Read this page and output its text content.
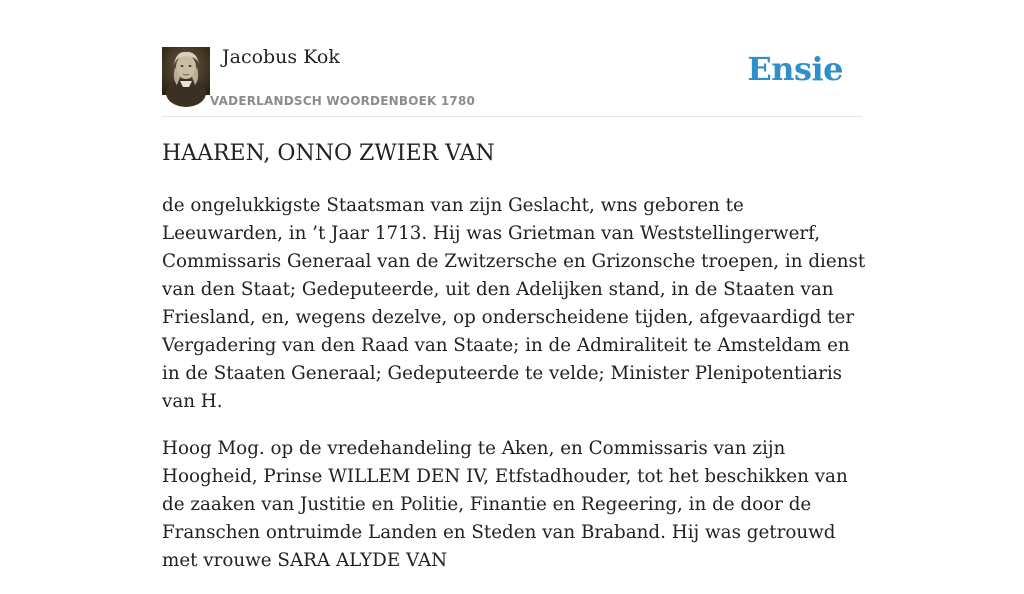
Jacobus Kok
VADERLANDSCH WOORDENBOEK 1780
Ensie
HAAREN, ONNO ZWIER VAN

de ongelukkigste Staatsman van zijn Geslacht, wns geboren te Leeuwarden, in ’t Jaar 1713. Hij was Grietman van Weststellingerwerf, Commissaris Generaal van de Zwitzersche en Grizonsche troepen, in dienst van den Staat; Gedeputeerde, uit den Adelijken stand, in de Staaten van Friesland, en, wegens dezelve, op onderscheidene tijden, afgevaardigd ter Vergadering van den Raad van Staate; in de Admiraliteit te Amsteldam en in de Staaten Generaal; Gedeputeerde te velde; Minister Plenipotentiaris van H.

Hoog Mog. op de vredehandeling te Aken, en Commissaris van zijn Hoogheid, Prinse WILLEM DEN IV, Etfstadhouder, tot het beschikken van de zaaken van Justitie en Politie, Finantie en Regeering, in de door de Franschen ontruimde Landen en Steden van Braband. Hij was getrouwd met vrouwe SARA ALYDE VAN
